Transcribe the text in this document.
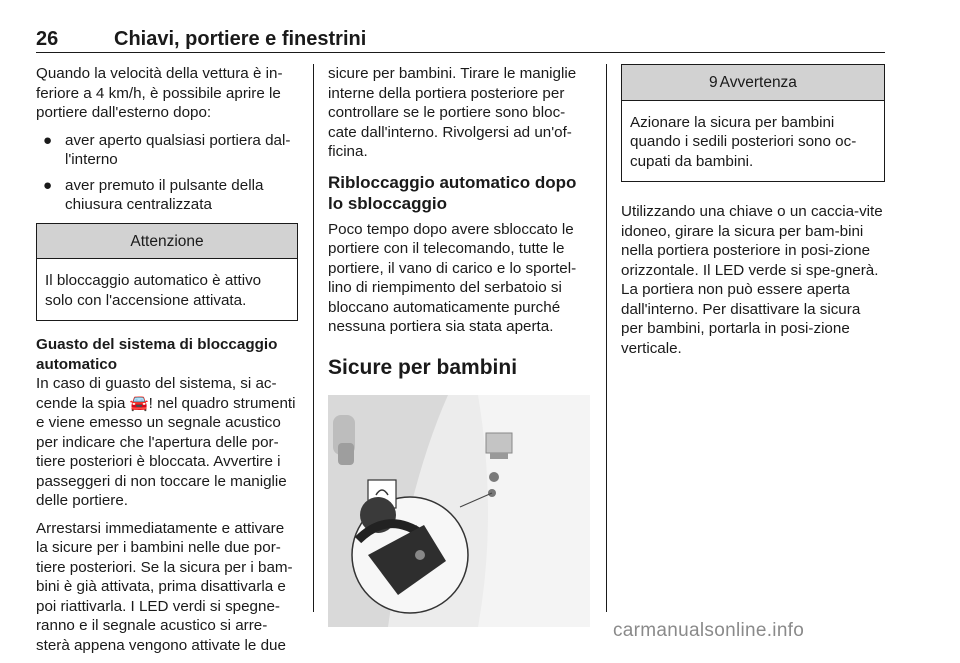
26	Chiavi, portiere e finestrini

Quando la velocità della vettura è in-feriore a 4 km/h, è possibile aprire le portiere dall'esterno dopo:

● aver aperto qualsiasi portiera dal-l'interno
● aver premuto il pulsante della chiusura centralizzata
Attenzione
Il bloccaggio automatico è attivo solo con l'accensione attivata.

Guasto del sistema di bloccaggio automatico

In caso di guasto del sistema, si ac-cende la spia 🚘! nel quadro strumenti e viene emesso un segnale acustico per indicare che l'apertura delle por-tiere posteriori è bloccata. Avvertire i passeggeri di non toccare le maniglie delle portiere.

Arrestarsi immediatamente e attivare la sicure per i bambini nelle due por-tiere posteriori. Se la sicura per i bam-bini è già attivata, prima disattivarla e poi riattivarla. I LED verdi si spegne-ranno e il segnale acustico si arre-sterà appena vengono attivate le due

sicure per bambini. Tirare le maniglie interne della portiera posteriore per controllare se le portiere sono bloc-cate dall'interno. Rivolgersi ad un'of-ficina.

Ribloccaggio automatico dopo lo sbloccaggio

Poco tempo dopo avere sbloccato le portiere con il telecomando, tutte le portiere, il vano di carico e lo sportel-lino di riempimento del serbatoio si bloccano automaticamente purché nessuna portiera sia stata aperta.

Sicure per bambini
9 Avvertenza
Azionare la sicura per bambini quando i sedili posteriori sono oc-cupati da bambini.

Utilizzando una chiave o un caccia-vite idoneo, girare la sicura per bam-bini nella portiera posteriore in posi-zione orizzontale. Il LED verde si spe-gnerà. La portiera non può essere aperta dall'interno. Per disattivare la sicura per bambini, portarla in posi-zione verticale.

carmanualsonline.info
